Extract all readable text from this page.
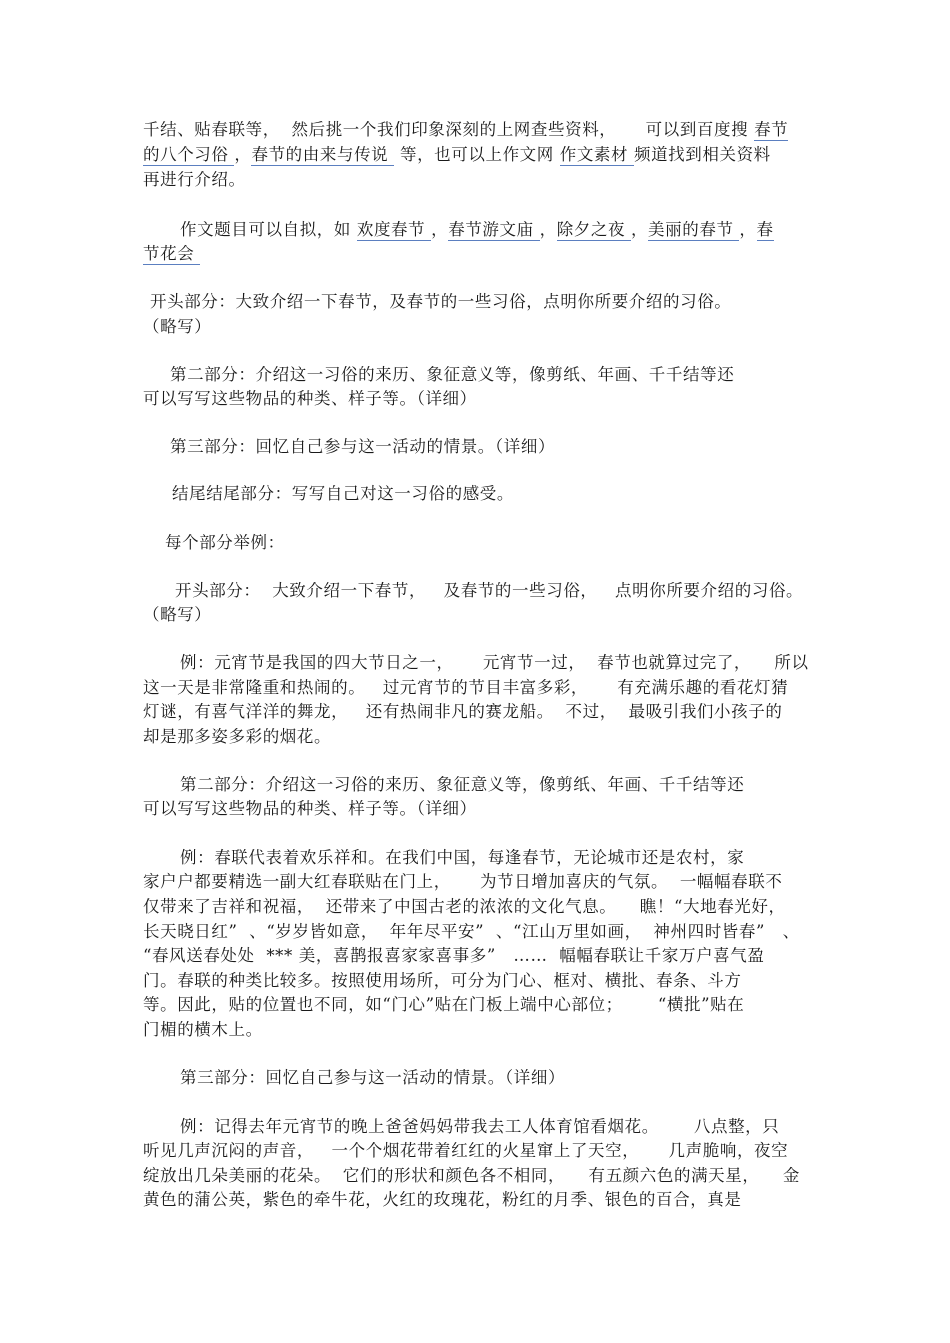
千结、贴春联等，  然后挑一个我们印象深刻的上网查些资料，     可以到百度搜 春节
的八个习俗 ，春节的由来与传说  等，也可以上作文网 作文素材 频道找到相关资料
再进行介绍。
作文题目可以自拟，如 欢度春节 ，春节游文庙 ，除夕之夜 ，美丽的春节 ，春
节花会
开头部分：大致介绍一下春节，及春节的一些习俗，点明你所要介绍的习俗。
（略写）
第二部分：介绍这一习俗的来历、象征意义等，像剪纸、年画、千千结等还
可以写写这些物品的种类、样子等。（详细）
第三部分：回忆自己参与这一活动的情景。（详细）
结尾结尾部分：写写自己对这一习俗的感受。
每个部分举例：
开头部分：  大致介绍一下春节，   及春节的一些习俗，   点明你所要介绍的习俗。
（略写）
例：元宵节是我国的四大节日之一，     元宵节一过，  春节也就算过完了，    所以
这一天是非常隆重和热闹的。   过元宵节的节目丰富多彩，     有充满乐趣的看花灯猜
灯谜，有喜气洋洋的舞龙，   还有热闹非凡的赛龙船。  不过，  最吸引我们小孩子的
却是那多姿多彩的烟花。
第二部分：介绍这一习俗的来历、象征意义等，像剪纸、年画、千千结等还
可以写写这些物品的种类、样子等。（详细）
例：春联代表着欢乐祥和。在我们中国，每逢春节，无论城市还是农村，家
家户户都要精选一副大红春联贴在门上，     为节日增加喜庆的气氛。  一幅幅春联不
仅带来了吉祥和祝福，  还带来了中国古老的浓浓的文化气息。    瞧！“大地春光好，
长天晓日红”  、“岁岁皆如意，  年年尽平安”  、“江山万里如画，  神州四时皆春”   、
“春风送春处处  *** 美，喜鹊报喜家家喜事多”   ……  幅幅春联让千家万户喜气盈
门。春联的种类比较多。按照使用场所，可分为门心、框对、横批、春条、斗方
等。因此，贴的位置也不同，如“门心”贴在门板上端中心部位；      “横批”贴在
门楣的横木上。
第三部分：回忆自己参与这一活动的情景。（详细）
例：记得去年元宵节的晚上爸爸妈妈带我去工人体育馆看烟花。      八点整，只
听见几声沉闷的声音，   一个个烟花带着红红的火星窜上了天空，     几声脆响，夜空
绽放出几朵美丽的花朵。  它们的形状和颜色各不相同，    有五颜六色的满天星，    金
黄色的蒲公英，紫色的牵牛花，火红的玫瑰花，粉红的月季、银色的百合，真是
